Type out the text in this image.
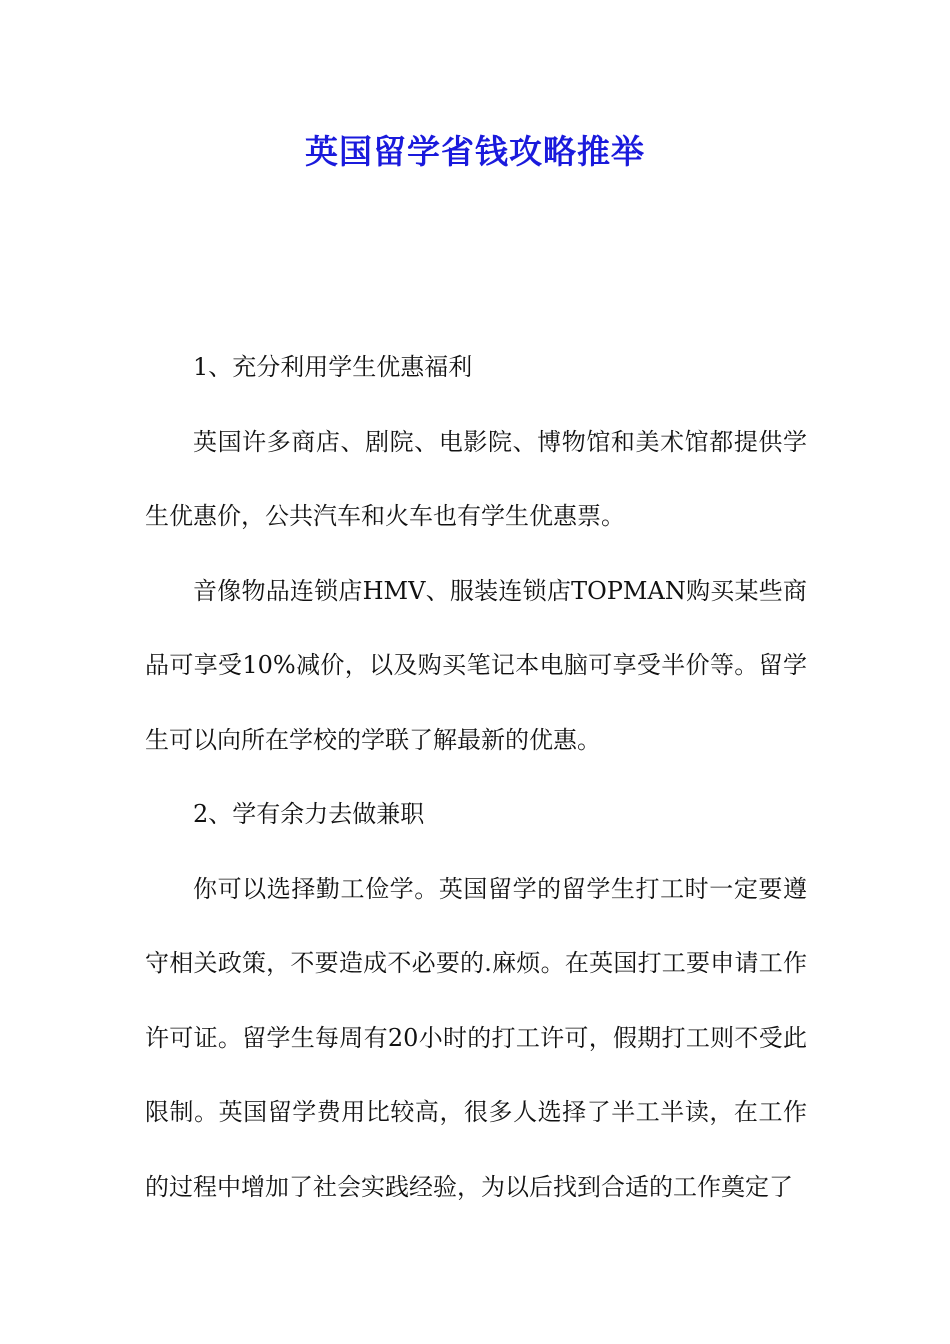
英国留学省钱攻略推举

1、充分利用学生优惠福利

英国许多商店、剧院、电影院、博物馆和美术馆都提供学生优惠价，公共汽车和火车也有学生优惠票。

音像物品连锁店HMV、服装连锁店TOPMAN购买某些商品可享受10%减价，以及购买笔记本电脑可享受半价等。留学生可以向所在学校的学联了解最新的优惠。

2、学有余力去做兼职

你可以选择勤工俭学。英国留学的留学生打工时一定要遵守相关政策，不要造成不必要的.麻烦。在英国打工要申请工作许可证。留学生每周有20小时的打工许可，假期打工则不受此限制。英国留学费用比较高，很多人选择了半工半读，在工作的过程中增加了社会实践经验，为以后找到合适的工作奠定了
